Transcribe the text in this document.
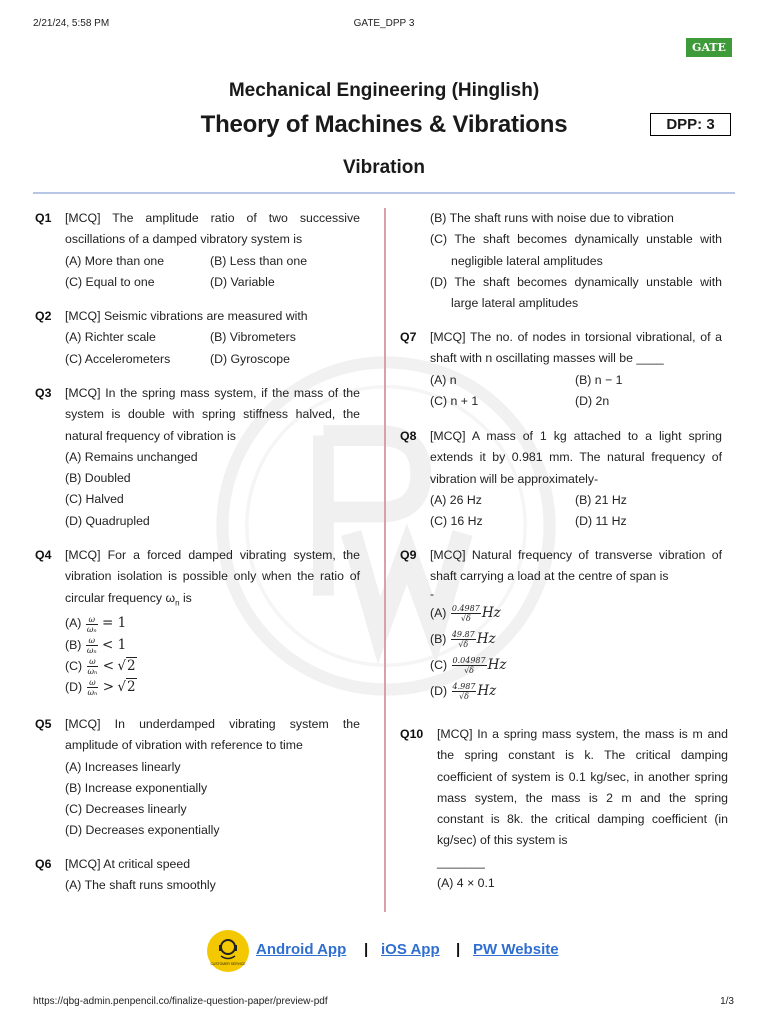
2/21/24, 5:58 PM	GATE_DPP 3
GATE
Mechanical Engineering (Hinglish)
Theory of Machines & Vibrations	DPP: 3
Vibration
Q1 [MCQ] The amplitude ratio of two successive oscillations of a damped vibratory system is
(A) More than one	(B) Less than one
(C) Equal to one	(D) Variable
Q2 [MCQ] Seismic vibrations are measured with
(A) Richter scale	(B) Vibrometers
(C) Accelerometers	(D) Gyroscope
Q3 [MCQ] In the spring mass system, if the mass of the system is double with spring stiffness halved, the natural frequency of vibration is
(A) Remains unchanged
(B) Doubled
(C) Halved
(D) Quadrupled
Q4 [MCQ] For a forced damped vibrating system, the vibration isolation is possible only when the ratio of circular frequency $\omega_n$ is
$(A) \frac{\omega}{\text{ωₙ}} = 1$
$(B) \frac{\omega}{\text{ωₙ}} < 1$
$(C) \frac{\omega}{\text{ωₙ}} < √2$
$(D) \frac{\omega}{\text{ωₙ}} > √2$
Q5 [MCQ] In underdamped vibrating system the amplitude of vibration with reference to time
(A) Increases linearly
(B) Increase exponentially
(C) Decreases linearly
(D) Decreases exponentially
Q6 [MCQ] At critical speed
(A) The shaft runs smoothly
(B) The shaft runs with noise due to vibration
(C) The shaft becomes dynamically unstable with negligible lateral amplitudes
(D) The shaft becomes dynamically unstable with large lateral amplitudes
Q7 [MCQ] The no. of nodes in torsional vibrational, of a shaft with n oscillating masses will be ____
(A) n	(B) n − 1
(C) n + 1	(D) 2n
Q8 [MCQ] A mass of 1 kg attached to a light spring extends it by 0.981 mm. The natural frequency of vibration will be approximately-
(A) 26 Hz	(B) 21 Hz
(C) 16 Hz	(D) 11 Hz
Q9 [MCQ] Natural frequency of transverse vibration of shaft carrying a load at the centre of span is
-
$(A) \frac{0.4987}{√\delta}$ Hz
$(B) \frac{49.87}{√\delta}$ Hz
$(C) \frac{0.04987}{√\delta}$ Hz
$(D) \frac{4.987}{√\delta}$ Hz
Q10 [MCQ] In a spring mass system, the mass is m and the spring constant is k. The critical damping coefficient of system is 0.1 kg/sec, in another spring mass system, the mass is 2 m and the spring constant is 8k. the critical damping coefficient (in kg/sec) of this system is
_______
(A) 4 × 0.1
CUSTOMER SERVICE
Android App | iOS App | PW Website
https://qbg-admin.penpencil.co/finalize-question-paper/preview-pdf	1/3
